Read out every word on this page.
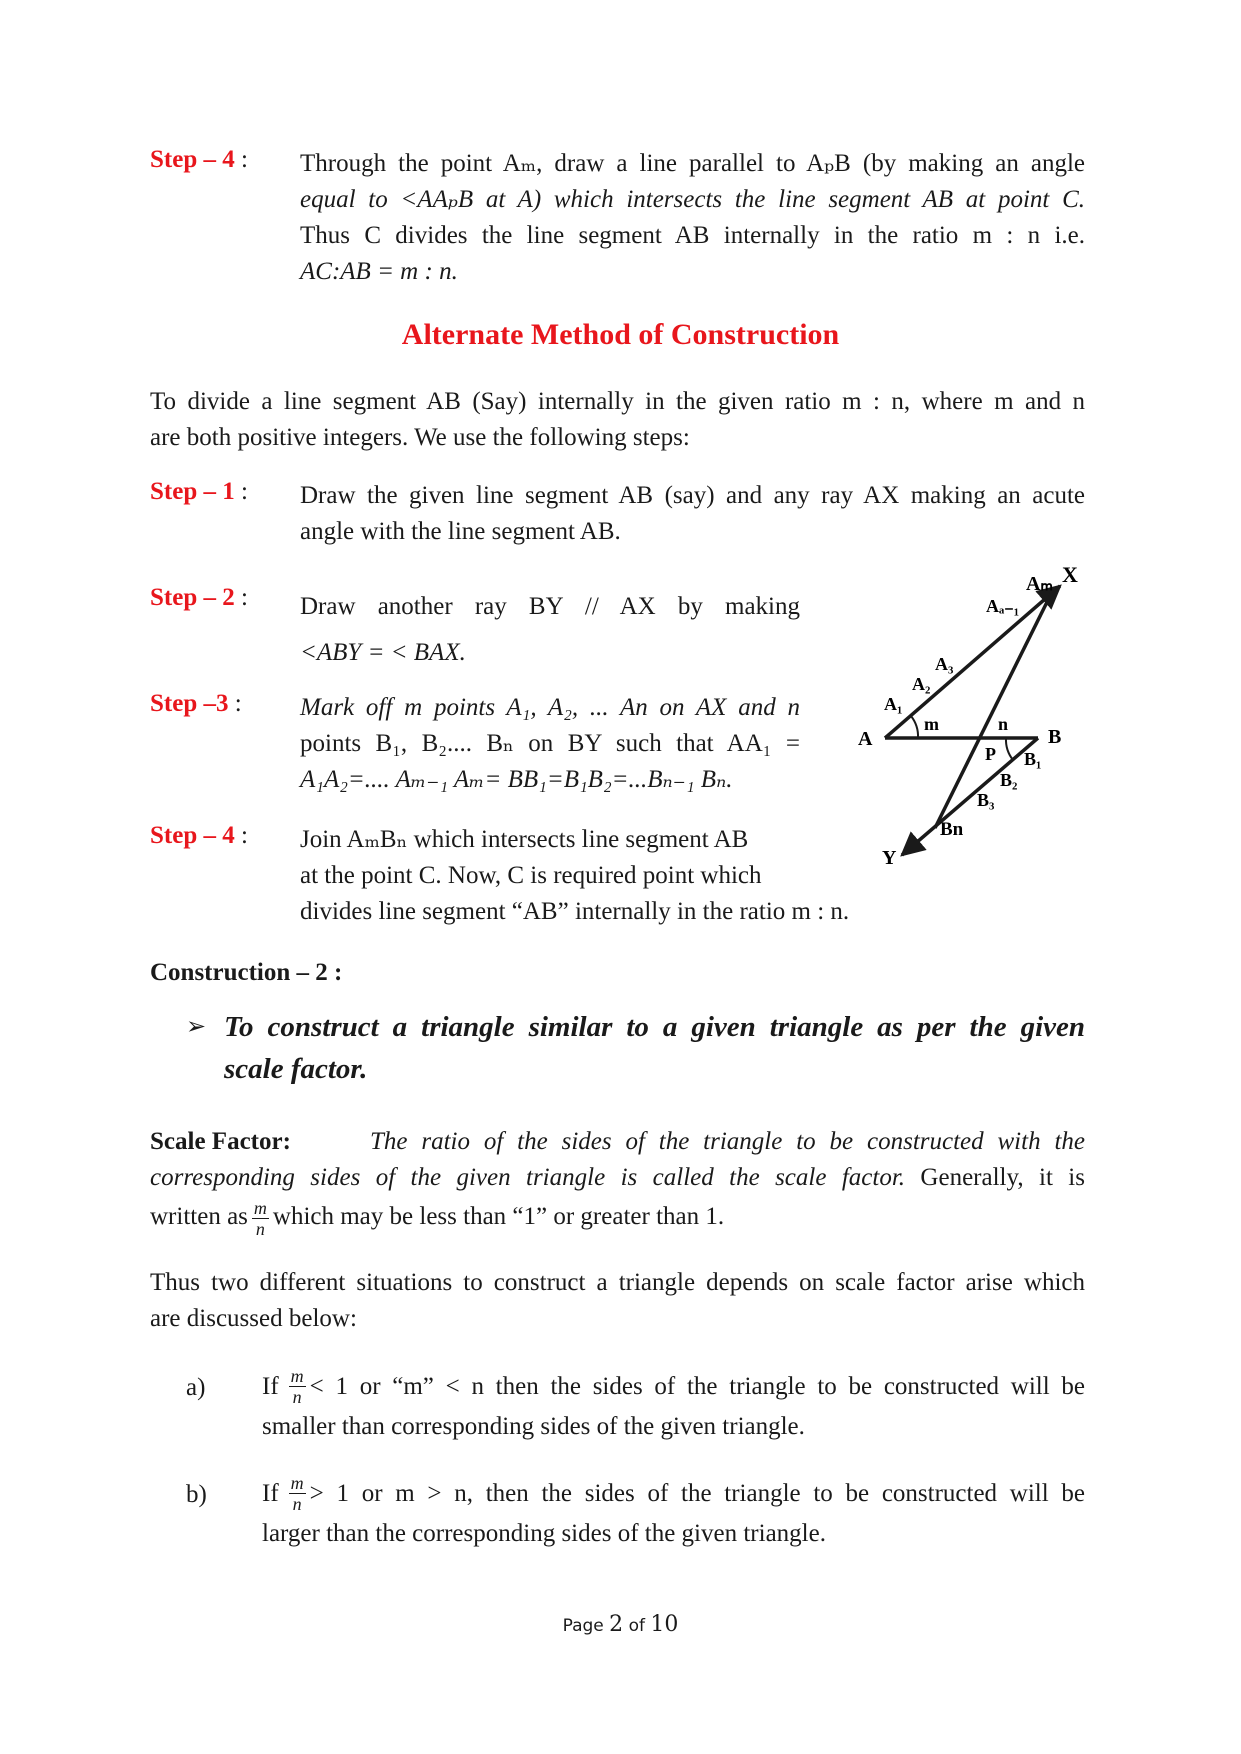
Step – 4 : Through the point Aₘ, draw a line parallel to AₚB (by making an angle
equal to <AAₚB at A) which intersects the line segment AB at point C.
Thus C divides the line segment AB internally in the ratio m : n i.e.
AC:AB = m : n.
Alternate Method of Construction
To divide a line segment AB (Say) internally in the given ratio m : n, where m and n
are both positive integers. We use the following steps:
Step – 1 : Draw the given line segment AB (say) and any ray AX making an acute
angle with the line segment AB.
Step – 2 : Draw another ray BY // AX by making
<ABY = < BAX.
Step –3 : Mark off m points A₁, A₂, ... An on AX and n
points B₁, B₂.... Bₙ on BY such that AA₁ =
A₁A₂=.... Aₘ₋₁ Aₘ= BB₁=B₁B₂=...Bₙ₋₁ Bₙ.
Step – 4 : Join AₘBₙ which intersects line segment AB
at the point C. Now, C is required point which
divides line segment “AB” internally in the ratio m : n.
X
Aₘ
Aₐ₋₁
A₃
A₂
A₁
A
m	n
B
P B₁
B₂
B₃
Bn
Y
Construction – 2 :
➢ To construct a triangle similar to a given triangle as per the given
scale factor.
Scale Factor:	The ratio of the sides of the triangle to be constructed with the
corresponding sides of the given triangle is called the scale factor. Generally, it is
written as $\frac{m}{n}$ which may be less than “1” or greater than 1.
Thus two different situations to construct a triangle depends on scale factor arise which
are discussed below:
a) If $\frac{m}{n} < 1$ or “m” < n then the sides of the triangle to be constructed will be
smaller than corresponding sides of the given triangle.
b) If $\frac{m}{n} > 1$ or m > n, then the sides of the triangle to be constructed will be
larger than the corresponding sides of the given triangle.
Page 2 of 10
